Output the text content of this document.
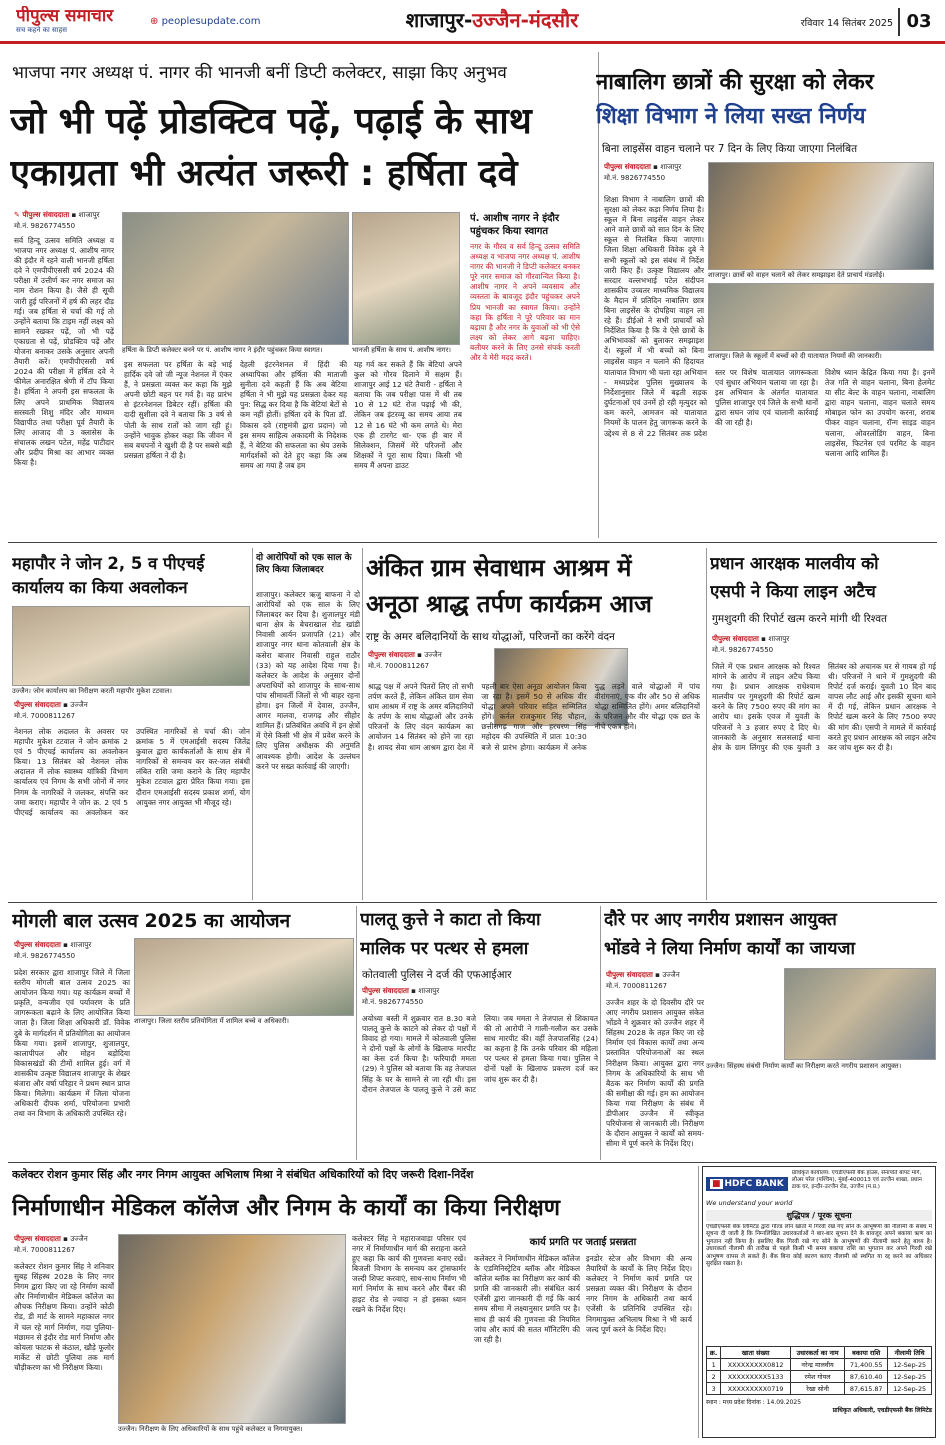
पीपुल्स समाचार
सच कहने का साहस
⊕ peoplesupdate.com	शाजापुर-उज्जैन-मंदसौर	रविवार 14 सितंबर 2025 03
भाजपा नगर अध्यक्ष पं. नागर की भानजी बनीं डिप्टी कलेक्टर, साझा किए अनुभव
जो भी पढ़ें प्रोडक्टिव पढ़ें, पढ़ाई के साथ
एकाग्रता भी अत्यंत जरूरी : हर्षिता दवे
✎ पीपुल्स संवाददाता ▪ शाजापुर
मो.नं. 9826774550
सर्व हिन्दू उत्सव समिति अध्यक्ष व भाजपा नगर अध्यक्ष पं. आशीष नागर की इंदौर में रहने वाली भानजी हर्षिता दवे ने एमपीपीएससी वर्ष 2024 की परीक्षा में उत्तीर्ण कर नगर समाज का नाम रोशन किया है। जैसे ही सूची जारी हुई परिजनों में हर्ष की लहर दौड़ गई। जब हर्षिता से चर्चा की गई तो उन्होंने बताया कि टाइम नहीं लक्ष्य को सामने रखकर पढ़ें, जो भी पढ़ें एकाग्रता से पढ़ें, प्रोडक्टिव पढ़ें और योजना बनाकर उसके अनुसार अपनी तैयारी करें। एमपीपीएससी वर्ष 2024 की परीक्षा में हर्षिता दवे ने फीमेल अनारक्षित श्रेणी में टॉप किया है। हर्षिता ने अपनी इस सफलता के लिए अपने प्राथमिक विद्यालय सरस्वती शिशु मंदिर और माध्यम विद्यापीठ तथा परीक्षा पूर्व तैयारी के लिए आजाद वी 3 क्लासेस के संचालक लखन पटेल, महेंद्र पाटीदार और प्रदीप मिश्रा का आभार व्यक्त किया है।
हर्षिता के डिप्टी कलेक्टर बनने पर पं. आशीष नागर ने इंदौर पहुंचकर किया स्वागत।	भानजी हर्षिता के साथ पं. आशीष नागर।
इस सफलता पर हर्षिता के बड़े भाई हार्दिक दवे जो जी न्यूज नेशनल में एंकर हैं, ने प्रसन्नता व्यक्त कर कहा कि मुझे अपनी छोटी बहन पर गर्व है। वह प्रारंभ से इंटरनेशनल डिबेटर रहीं। हर्षिता की दादी सुशीला दवे ने बताया कि 3 वर्ष से पोती के साथ रातों को जाग रही हूं। उन्होंने भावुक होकर कहा कि जीवन में सब बचपनों ने खुशी दी है पर सबसे बड़ी प्रसन्नता हर्षिता ने दी है।
देहली इंटरनेशनल में हिंदी की अध्यापिका और हर्षिता की माताजी सुनीता दवे कहती हैं कि अब बेटिया हर्षिता ने भी मुझे यह प्रसन्नता देकर यह पुन: सिद्ध कर दिया है कि बेटियां बेटों से कम नहीं होतीं। हर्षिता दवे के पिता डॉ. विकास दवे (राष्ट्रमंत्री द्वारा प्रदान) जो इस समय साहित्य अकादमी के निदेशक हैं, ने बेटिया की सफलता का श्रेय उसके मार्गदर्शकों को देते हुए कहा कि अब समय आ गया है जब हम
यह गर्व कर सकते हैं कि बेटियां अपने कुल को गौरव दिलाने में सक्षम हैं। शाजापुर आई 12 घंटे तैयारी - हर्षिता ने बताया कि जब परीक्षा पास में थी तब 10 से 12 घंटे रोज पढ़ाई भी की, लेकिन जब इंटरव्यू का समय आया तब 12 से 16 घंटे भी कम लगते थे। मेरा एक ही टारगेट था- एक ही बार में सिलेक्शन, जिसमें मेरे परिजनों और शिक्षकों ने पूरा साथ दिया। किसी भी समय मैं अपना डाउट
पं. आशीष नागर ने इंदौर पहुंचकर किया स्वागत
नगर के गौरव व सर्व हिन्दू उत्सव समिति अध्यक्ष व भाजपा नगर अध्यक्ष पं. आशीष नागर की भानजी ने डिप्टी कलेक्टर बनकर पूरे नगर समाज को गौरवान्वित किया है। आशीष नागर ने अपने व्यवसाय और व्यस्तता के बावजूद इंदौर पहुंचकर अपने प्रिय भानजी का स्वागत किया। उन्होंने कहा कि हर्षिता ने पूरे परिवार का मान बढ़ाया है और नगर के युवाओं को भी ऐसे लक्ष्य को लेकर आगे बढ़ना चाहिए। बलीयर करने के लिए उनसे संपर्क करती और वे मेरी मदद करते।
नाबालिग छात्रों की सुरक्षा को लेकर
शिक्षा विभाग ने लिया सख्त निर्णय
बिना लाइसेंस वाहन चलाने पर 7 दिन के लिए किया जाएगा निलंबित
पीपुल्स संवाददाता ▪ शाजापुर
मो.नं. 9826774550
शिक्षा विभाग ने नाबालिग छात्रों की सुरक्षा को लेकर कड़ा निर्णय लिया है। स्कूल में बिना लाइसेंस वाहन लेकर आने वाले छात्रों को सात दिन के लिए स्कूल से निलंबित किया जाएगा। जिला शिक्षा अधिकारी विवेक दुबे ने सभी स्कूलों को इस संबंध में निर्देश जारी किए हैं। उत्कृष्ट विद्यालय और सरदार वल्लभभाई पटेल संदीपन शासकीय उच्चतर माध्यमिक विद्यालय के मैदान में प्रतिदिन नाबालिग छात्र बिना लाइसेंस के दोपहिया वाहन ला रहे हैं। डीईओ ने सभी प्राचार्यों को निर्देशित किया है कि वे ऐसे छात्रों के अभिभावकों को बुलाकर समझाइश दें। स्कूलों में भी बच्चों को बिना लाइसेंस वाहन न चलाने की हिदायत
शाजापुर। छात्रों को वाहन चलाने को लेकर समझाइश देते प्राचार्य मंडलोई।
शाजापुर। जिले के स्कूलों में बच्चों को दी यातायात नियमों की जानकारी।
यातायात विभाग भी चला रहा अभियान - मध्यप्रदेश पुलिस मुख्यालय के निर्देशानुसार जिले में बढ़ती सड़क दुर्घटनाओं एवं उनमें हो रही मृत्युदर को कम करने, आमजन को यातायात नियमों के पालन हेतु जागरूक करने के उद्देश्य से 8 से 22 सितंबर तक प्रदेश स्तर पर विशेष यातायात जागरूकता एवं सुधार अभियान चलाया जा रहा है। इस अभियान के अंतर्गत यातायात पुलिस शाजापुर एवं जिले के सभी थानों द्वारा सघन जांच एवं चालानी कार्रवाई की जा रही है।
विशेष ध्यान केंद्रित किया गया है। इनमें तेज गति से वाहन चलाना, बिना हेलमेट या सीट बेल्ट के वाहन चलाना, नाबालिग द्वारा वाहन चलाना, वाहन चलाते समय मोबाइल फोन का उपयोग करना, शराब पीकर वाहन चलाना, रॉन्ग साइड वाहन चलाना, ओवरलोडिंग वाहन, बिना लाइसेंस, फिटनेस एवं परमिट के वाहन चलाना आदि शामिल हैं।
महापौर ने जोन 2, 5 व पीएचई
कार्यालय का किया अवलोकन
उज्जैन। जोन कार्यालय का निरीक्षण करती महापौर मुकेश टटवाल।
पीपुल्स संवाददाता ▪ उज्जैन
मो.नं. 7000811267
नेशनल लोक अदालत के अवसर पर महापौर मुकेश टटवाल ने जोन क्रमांक 2 एवं 5 पीएचई कार्यालय का अवलोकन किया। 13 सितंबर को नेशनल लोक अदालत में लोक स्वास्थ्य यांत्रिकी विभाग कार्यालय एवं निगम के सभी जोनों में नगर निगम के नागरिकों ने जलकर, संपत्ति कर जमा कराए। महापौर ने जोन क्र. 2 एवं 5 पीएचई कार्यालय का अवलोकन कर उपस्थित नागरिकों से चर्चा की। जोन क्रमांक 5 में एमआईसी सदस्य जितेंद्र कुवाल द्वारा कार्यकर्ताओं के साथ क्षेत्र में नागरिकों से समन्वय कर कर-जल संबंधी लंबित राशि जमा कराने के लिए महापौर मुकेश टटवाल द्वारा प्रेरित किया गया। इस दौरान एमआईसी सदस्य प्रकाश शर्मा, योग आयुक्त नगर आयुक्त भी मौजूद रहे।
दो आरोपियों को एक साल के लिए किया जिलाबदर
शाजापुर। कलेक्टर ऋजु बाफना ने दो आरोपियों को एक साल के लिए जिलाबदर कर दिया है। शुजालपुर मंडी थाना क्षेत्र के बेचराखाल रोड खांडी निवासी आर्यन प्रजापति (21) और शाजापुर नगर थाना कोतवाली क्षेत्र के कसेरा बाजार निवासी राहुल राठौर (33) को यह आदेश दिया गया है। कलेक्टर के आदेश के अनुसार दोनों अपराधियों को शाजापुर के साथ-साथ पांच सीमावर्ती जिलों से भी बाहर रहना होगा। इन जिलों में देवास, उज्जैन, आगर मालवा, राजगढ़ और सीहोर शामिल हैं। प्रतिबंधित अवधि में इन क्षेत्रों में ऐसे किसी भी क्षेत्र में प्रवेश करने के लिए पुलिस अधीक्षक की अनुमति आवश्यक होगी। आदेश के उल्लंघन करने पर सख्त कार्रवाई की जाएगी।
अंकित ग्राम सेवाधाम आश्रम में
अनूठा श्राद्ध तर्पण कार्यक्रम आज
राष्ट्र के अमर बलिदानियों के साथ योद्धाओं, परिजनों का करेंगे वंदन
पीपुल्स संवाददाता ▪ उज्जैन
मो.नं. 7000811267
श्राद्ध पक्ष में अपने पितरों लिए तो सभी तर्पण करते हैं, लेकिन अंकित ग्राम सेवा धाम आश्रम में राष्ट्र के अमर बलिदानियों के तर्पण के साथ योद्धाओं और उनके परिजनों के लिए वंदन कार्यक्रम का आयोजन 14 सितंबर को होने जा रहा है। शायद सेवा धाम आश्रम द्वारा देश में पहली बार ऐसा अनूठा आयोजन किया जा रहा है। इसमें 50 से अधिक वीर योद्धा अपने परिवार सहित सम्मिलित होंगे। कर्नल राजकुमार सिंह चौहान, छत्तीसगढ़ गाज और हरचरण सिंह महोदय की उपस्थिति में प्रातः 10:30 बजे से प्रारंभ होगा। कार्यक्रम में अनेक युद्ध लड़ने वाले योद्धाओं में पांच वीरांगनाएं, एक वीर और 50 से अधिक योद्धा सम्मिलित होंगे। अमर बलिदानियों के परिजन और वीर योद्धा एक छत के नीचे एकत्र होंगे।
प्रधान आरक्षक मालवीय को
एसपी ने किया लाइन अटैच
गुमशुदगी की रिपोर्ट खत्म करने मांगी थी रिश्वत
पीपुल्स संवाददाता ▪ शाजापुर
मो.नं. 9826774550
जिले में एक प्रधान आरक्षक को रिश्वत मांगने के आरोप में लाइन अटैच किया गया है। प्रधान आरक्षक राधेश्याम मालवीय पर गुमशुदगी की रिपोर्ट खत्म करने के लिए 7500 रुपए की मांग का आरोप था। इसके एवज में युवती के परिजनों ने 3 हजार रुपए दे दिए थे। जानकारी के अनुसार सलसलाई थाना क्षेत्र के ग्राम लिंगपुर की एक युवती 3 सितंबर को अचानक घर से गायब हो गई थी। परिजनों ने थाने में गुमशुदगी की रिपोर्ट दर्ज कराई। युवती 10 दिन बाद वापस लौट आई और इसकी सूचना थाने में दी गई, लेकिन प्रधान आरक्षक ने रिपोर्ट खत्म करने के लिए 7500 रुपए की मांग की। एसपी ने मामले में कार्रवाई करते हुए प्रधान आरक्षक को लाइन अटैच कर जांच शुरू कर दी है।
मोगली बाल उत्सव 2025 का आयोजन
पीपुल्स संवाददाता ▪ शाजापुर
मो.नं. 9826774550
शाजापुर। जिला स्तरीय प्रतियोगिता में शामिल बच्चे व अधिकारी।
प्रदेश सरकार द्वारा शाजापुर जिले में जिला स्तरीय मोगली बाल उत्सव 2025 का आयोजन किया गया। यह कार्यक्रम बच्चों में प्रकृति, वन्यजीव एवं पर्यावरण के प्रति जागरूकता बढ़ाने के लिए आयोजित किया जाता है। जिला शिक्षा अधिकारी डॉ. विवेक दुबे के मार्गदर्शन में प्रतियोगिता का आयोजन किया गया। इसमें शाजापुर, शुजालपुर, कालापीपल और मोहन बड़ोदिया विकासखंडों की टीमों शामिल हुई। वर्ग में शासकीय उत्कृष्ट विद्यालय शाजापुर के शेखर बंजारा और वर्षा परिहार ने प्रथम स्थान प्राप्त किया। मिलेगा। कार्यक्रम में जिला योजना अधिकारी दीपक शर्मा, परियोजना प्रभारी तथा वन विभाग के अधिकारी उपस्थित रहे।
पालतू कुत्ते ने काटा तो किया
मालिक पर पत्थर से हमला
कोतवाली पुलिस ने दर्ज की एफआईआर
पीपुल्स संवाददाता ▪ शाजापुर
मो.नं. 9826774550
अयोध्या बस्ती में शुक्रवार रात 8.30 बजे पालतू कुत्ते के काटने को लेकर दो पक्षों में विवाद हो गया। मामले में कोतवाली पुलिस ने दोनों पक्षों के लोगों के खिलाफ मारपीट का केस दर्ज किया है। फरियादी ममता (29) ने पुलिस को बताया कि वह तेजपाल सिंह के घर के सामने से जा रही थी। इस दौरान तेजपाल के पालतू कुत्ते ने उसे काट लिया। जब ममता ने तेजपाल से शिकायत की तो आरोपी ने गाली-गलौज कर उसके साथ मारपीट की। वहीं तेजपालसिंह (24) का कहना है कि उनके परिवार की महिला पर पत्थर से हमला किया गया। पुलिस ने दोनों पक्षों के खिलाफ प्रकरण दर्ज कर जांच शुरू कर दी है।
दौरे पर आए नगरीय प्रशासन आयुक्त
भोंडवे ने लिया निर्माण कार्यों का जायजा
पीपुल्स संवाददाता ▪ उज्जैन
मो.नं. 7000811267
उज्जैन। सिंहस्थ संबंधी निर्माण कार्यों का निरीक्षण करते नगरीय प्रशासन आयुक्त।
उज्जैन शहर के दो दिवसीय दौरे पर आए नगरीय प्रशासन आयुक्त संकेत भोंडवे ने शुक्रवार को उज्जैन शहर में सिंहस्थ 2028 के तहत किए जा रहे निर्माण एवं विकास कार्यों तथा अन्य प्रस्तावित परियोजनाओं का स्थल निरीक्षण किया। आयुक्त द्वारा नगर निगम के अधिकारियों के साथ भी बैठक कर निर्माण कार्यों की प्रगति की समीक्षा की गई। हम का आयोजन किया गया निरीक्षण के संबंध में डीपीआर उज्जैन में स्वीकृत परियोजना से जानकारी ली। निरीक्षण के दौरान आयुक्त ने कार्यों को समय-सीमा में पूर्ण करने के निर्देश दिए।
कलेक्टर रोशन कुमार सिंह और नगर निगम आयुक्त अभिलाष मिश्रा ने संबंधित अधिकारियों को दिए जरूरी दिशा-निर्देश
निर्माणाधीन मेडिकल कॉलेज और निगम के कार्यों का किया निरीक्षण
पीपुल्स संवाददाता ▪ उज्जैन
मो.नं. 7000811267
कलेक्टर रोशन कुमार सिंह ने शनिवार सुबह सिंहस्थ 2028 के लिए नगर निगम द्वारा किए जा रहे निर्माण कार्यों और निर्माणाधीन मेडिकल कॉलेज का औचक निरीक्षण किया। उन्होंने कोठी रोड, डी मार्ट के सामने महाकाल नगर में चल रहे मार्ग निर्माण, गदा पुलिया-मंछामन से इंदौर रोड मार्ग निर्माण और कोयला फाटक से कंठाल, खौड़े फूलोर मार्केट से छोटी पुलिया तक मार्ग चौड़ीकरण का भी निरीक्षण किया।
उज्जैन। निरीक्षण के लिए अधिकारियों के साथ पहुंचे कलेक्टर व निगमायुक्त।
कलेक्टर सिंह ने महाराजवाड़ा परिसर एवं नगर में निर्माणाधीन मार्ग की सराहना करते हुए कहा कि कार्य की गुणवत्ता बनाए रखें। बिजली विभाग के समन्वय कर ट्रांसफार्मर जल्दी शिफ्ट करवाएं, साथ-साथ निर्माण भी मार्ग निर्माण के साथ करने और चैंबर की हाइट रोड से ज्यादा न हो इसका ध्यान रखने के निर्देश दिए।
कार्य प्रगति पर जताई प्रसन्नता
कलेक्टर ने निर्माणाधीन मेडिकल कॉलेज के एडमिनिस्ट्रेटिव ब्लॉक और मेडिकल कॉलेज ब्लॉक का निरीक्षण कर कार्य की प्रगति की जानकारी ली। संबंधित कार्य एजेंसी द्वारा जानकारी दी गई कि कार्य समय सीमा में लक्ष्यानुसार प्रगति पर है। साथ ही कार्य की गुणवत्ता की नियमित जांच और कार्य की सतत मॉनिटरिंग की जा रही है।
इनडोर स्टेज और विभाग की अन्य तैयारियों के कार्यों के लिए निर्देश दिए। कलेक्टर ने निर्माण कार्य प्रगति पर प्रसन्नता व्यक्त की। निरीक्षण के दौरान नगर निगम के अधिकारी तथा कार्य एजेंसी के प्रतिनिधि उपस्थित रहे। निगमायुक्त अभिलाष मिश्रा ने भी कार्य जल्द पूर्ण करने के निर्देश दिए।
■ HDFC BANK
प्राधिकृत कार्यालय: एचडीएफसी बैंक हाउस, सेनापति बापट मार्ग, लोअर परेल (पश्चिम), मुंबई-400013 एवं उज्जैन शाखा, प्रधान डाक घर, इन्दौर-उज्जैन रोड, उज्जैन (म.प्र.)
We understand your world
शुद्धिपत्र / पूरक सूचना
एचडीएफसी बैंक लिमिटेड द्वारा गोल्ड लोन खातों में गिरवी रखे गए सोने के आभूषणों की नीलामी के संबंध में सूचना दी जाती है कि निम्नलिखित उधारकर्ताओं ने बार-बार सूचना देने के बावजूद अपने बकाया ऋण का भुगतान नहीं किया है। इसलिए बैंक गिरवी रखे गए सोने के आभूषणों की नीलामी करने हेतु बाध्य है। उधारकर्ता नीलामी की तारीख से पहले किसी भी समय बकाया राशि का भुगतान कर अपने गिरवी रखे आभूषण वापस ले सकते हैं। बैंक बिना कोई कारण बताए नीलामी को स्थगित या रद्द करने का अधिकार सुरक्षित रखता है।
क्र.	खाता संख्या	उधारकर्ता का नाम	बकाया राशि	नीलामी तिथि
1	XXXXXXXXX0812	नरेन्द्र मालवीय	71,400.55	12-Sep-25
2	XXXXXXXXX5133	रमेश गोयल	87,610.40	12-Sep-25
3	XXXXXXXXX0719	रेखा सोनी	87,615.87	12-Sep-25
स्थान : मध्य प्रदेश दिनांक : 14.09.2025
प्राधिकृत अधिकारी, एचडीएफसी बैंक लिमिटेड
